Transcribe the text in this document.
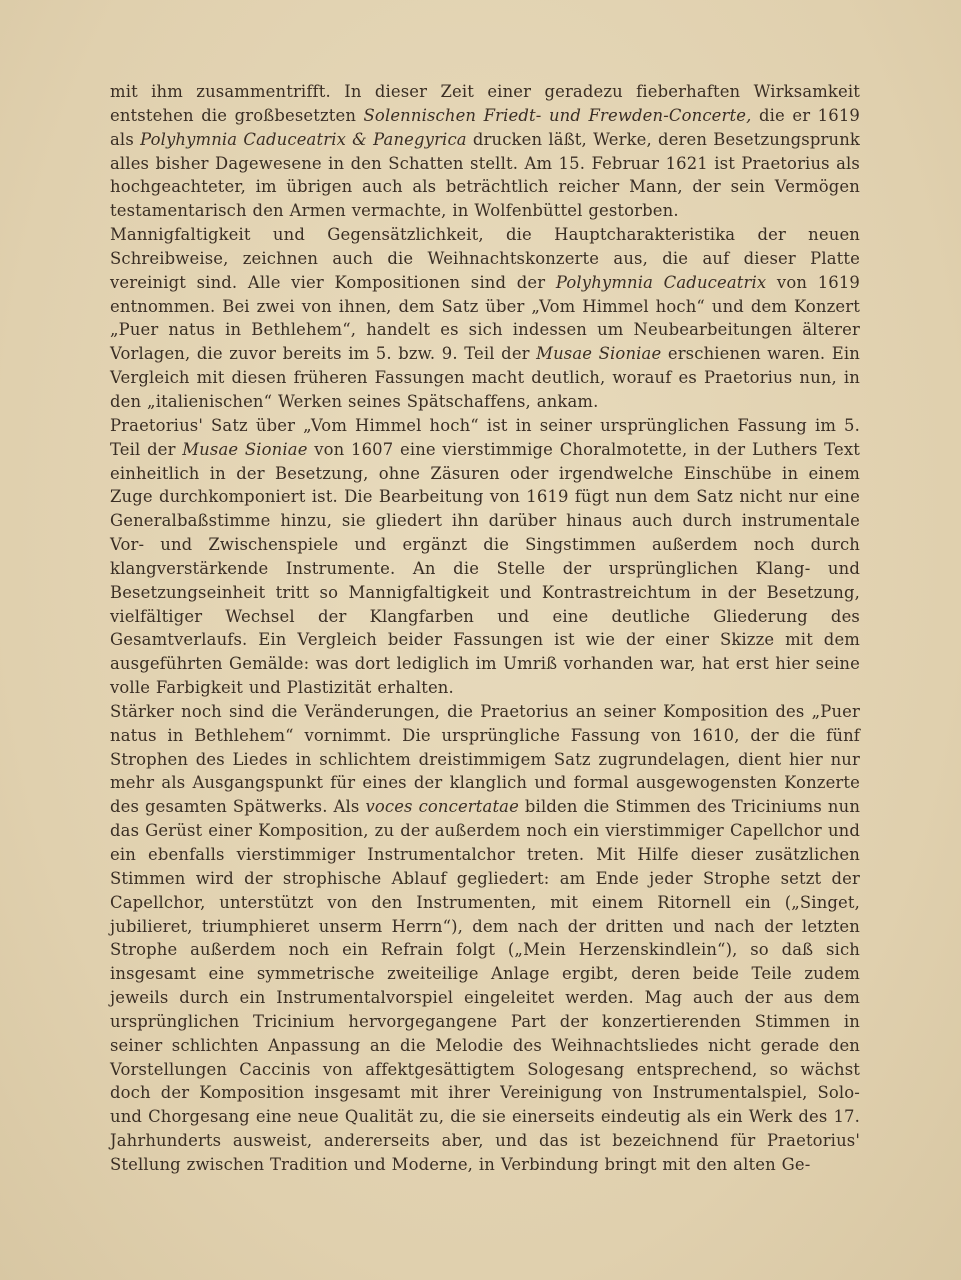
mit ihm zusammentrifft. In dieser Zeit einer geradezu fieberhaften Wirksamkeit entstehen die großbesetzten Solennischen Friedt- und Frewden-Concerte, die er 1619 als Polyhymnia Caduceatrix & Panegyrica drucken läßt, Werke, deren Besetzungsprunk alles bisher Dagewesene in den Schatten stellt. Am 15. Februar 1621 ist Praetorius als hochgeachteter, im übrigen auch als beträchtlich reicher Mann, der sein Vermögen testamentarisch den Armen vermachte, in Wolfenbüttel gestorben.

Mannigfaltigkeit und Gegensätzlichkeit, die Hauptcharakteristika der neuen Schreibweise, zeichnen auch die Weihnachtskonzerte aus, die auf dieser Platte vereinigt sind. Alle vier Kompositionen sind der Polyhymnia Caduceatrix von 1619 entnommen. Bei zwei von ihnen, dem Satz über „Vom Himmel hoch“ und dem Konzert „Puer natus in Bethlehem“, handelt es sich indessen um Neubearbeitungen älterer Vorlagen, die zuvor bereits im 5. bzw. 9. Teil der Musae Sioniae erschienen waren. Ein Vergleich mit diesen früheren Fassungen macht deutlich, worauf es Praetorius nun, in den „italienischen“ Werken seines Spätschaffens, ankam.

Praetorius' Satz über „Vom Himmel hoch“ ist in seiner ursprünglichen Fassung im 5. Teil der Musae Sioniae von 1607 eine vierstimmige Choralmotette, in der Luthers Text einheitlich in der Besetzung, ohne Zäsuren oder irgendwelche Einschübe in einem Zuge durchkomponiert ist. Die Bearbeitung von 1619 fügt nun dem Satz nicht nur eine Generalbaßstimme hinzu, sie gliedert ihn darüber hinaus auch durch instrumentale Vor- und Zwischenspiele und ergänzt die Singstimmen außerdem noch durch klangverstärkende Instrumente. An die Stelle der ursprünglichen Klang- und Besetzungseinheit tritt so Mannigfaltigkeit und Kontrastreichtum in der Besetzung, vielfältiger Wechsel der Klangfarben und eine deutliche Gliederung des Gesamtverlaufs. Ein Vergleich beider Fassungen ist wie der einer Skizze mit dem ausgeführten Gemälde: was dort lediglich im Umriß vorhanden war, hat erst hier seine volle Farbigkeit und Plastizität erhalten.

Stärker noch sind die Veränderungen, die Praetorius an seiner Komposition des „Puer natus in Bethlehem“ vornimmt. Die ursprüngliche Fassung von 1610, der die fünf Strophen des Liedes in schlichtem dreistimmigem Satz zugrundelagen, dient hier nur mehr als Ausgangspunkt für eines der klanglich und formal ausgewogensten Konzerte des gesamten Spätwerks. Als voces concertatae bilden die Stimmen des Triciniums nun das Gerüst einer Komposition, zu der außerdem noch ein vierstimmiger Capellchor und ein ebenfalls vierstimmiger Instrumentalchor treten. Mit Hilfe dieser zusätzlichen Stimmen wird der strophische Ablauf gegliedert: am Ende jeder Strophe setzt der Capellchor, unterstützt von den Instrumenten, mit einem Ritornell ein („Singet, jubilieret, triumphieret unserm Herrn“), dem nach der dritten und nach der letzten Strophe außerdem noch ein Refrain folgt („Mein Herzenskindlein“), so daß sich insgesamt eine symmetrische zweiteilige Anlage ergibt, deren beide Teile zudem jeweils durch ein Instrumentalvorspiel eingeleitet werden. Mag auch der aus dem ursprünglichen Tricinium hervorgegangene Part der konzertierenden Stimmen in seiner schlichten Anpassung an die Melodie des Weihnachtsliedes nicht gerade den Vorstellungen Caccinis von affektgesättigtem Sologesang entsprechend, so wächst doch der Komposition insgesamt mit ihrer Vereinigung von Instrumentalspiel, Solo- und Chorgesang eine neue Qualität zu, die sie einerseits eindeutig als ein Werk des 17. Jahrhunderts ausweist, andererseits aber, und das ist bezeichnend für Praetorius' Stellung zwischen Tradition und Moderne, in Verbindung bringt mit den alten Ge-
